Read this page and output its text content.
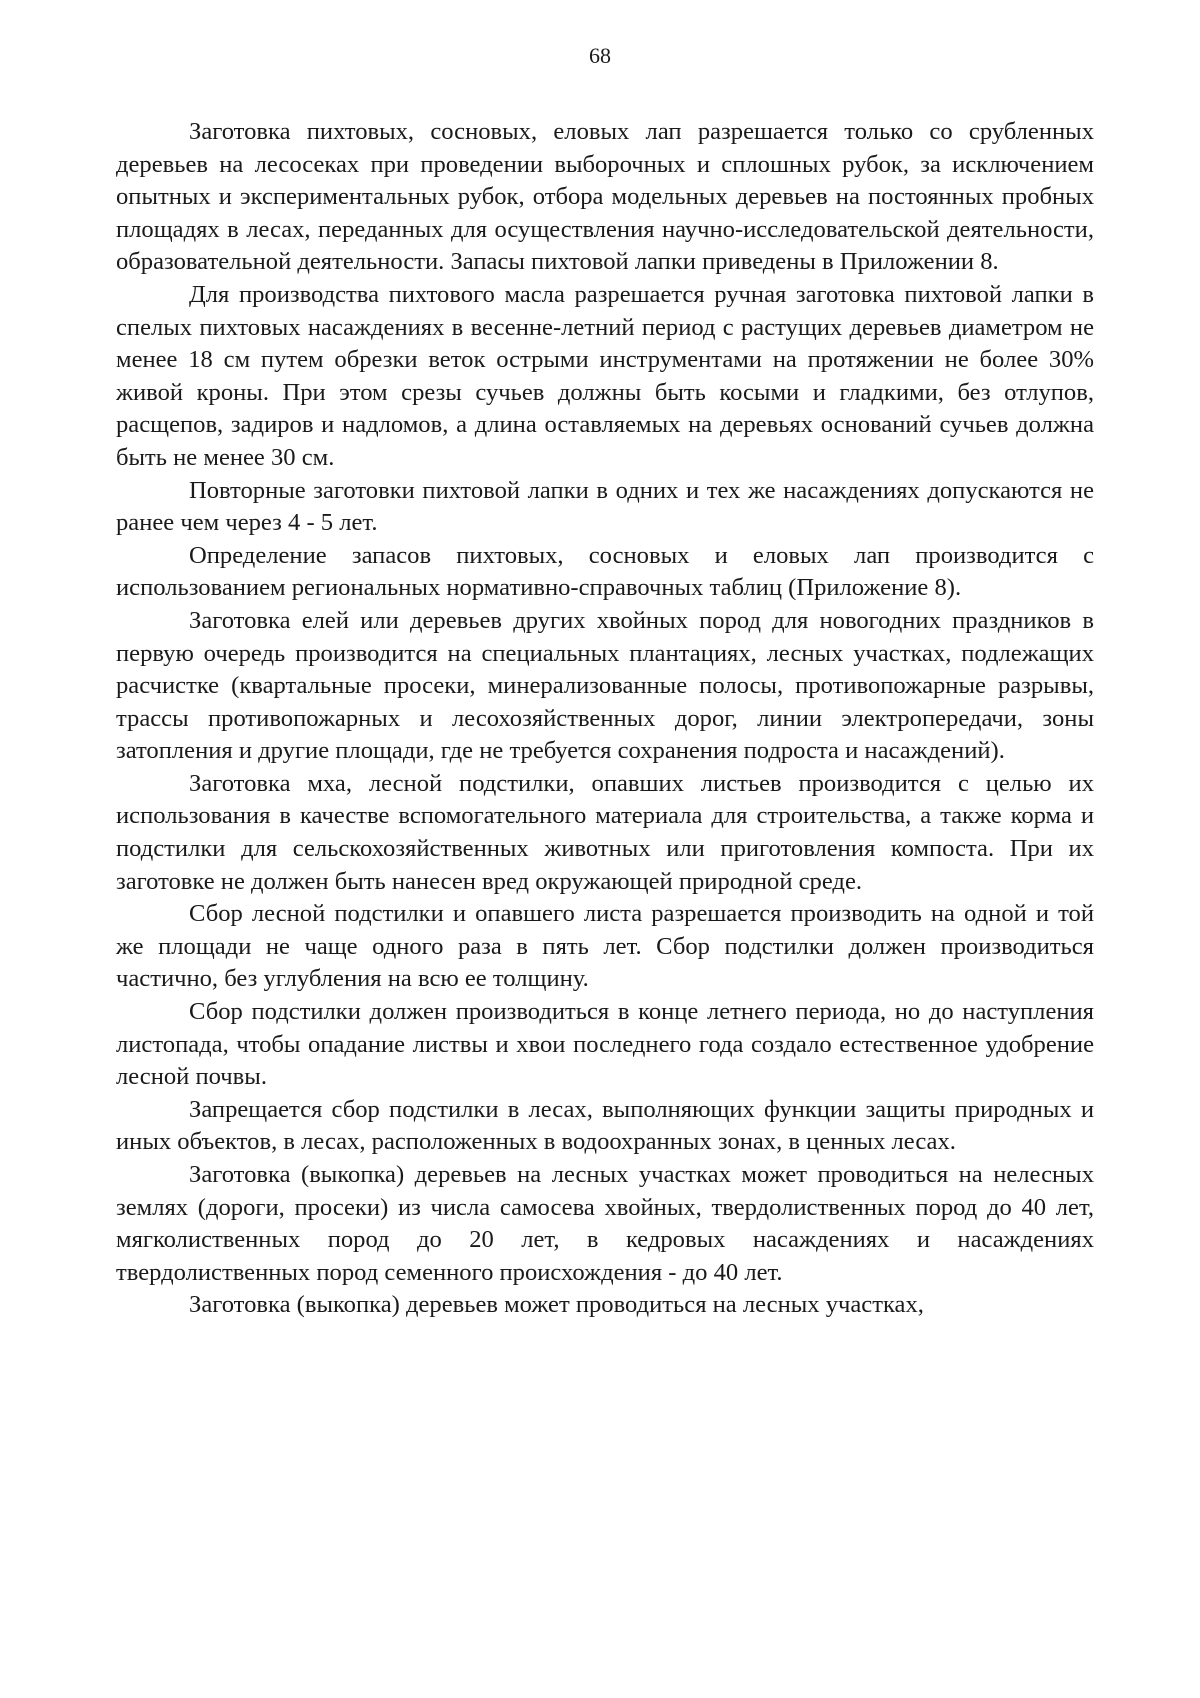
68

Заготовка пихтовых, сосновых, еловых лап разрешается только со срубленных деревьев на лесосеках при проведении выборочных и сплошных рубок, за исключением опытных и экспериментальных рубок, отбора модельных деревьев на постоянных пробных площадях в лесах, переданных для осуществления научно-исследовательской деятельности, образовательной деятельности. Запасы пихтовой лапки приведены в Приложении 8.

Для производства пихтового масла разрешается ручная заготовка пихтовой лапки в спелых пихтовых насаждениях в весенне-летний период с растущих деревьев диаметром не менее 18 см путем обрезки веток острыми инструментами на протяжении не более 30% живой кроны. При этом срезы сучьев должны быть косыми и гладкими, без отлупов, расщепов, задиров и надломов, а длина оставляемых на деревьях оснований сучьев должна быть не менее 30 см.

Повторные заготовки пихтовой лапки в одних и тех же насаждениях допускаются не ранее чем через 4 - 5 лет.

Определение запасов пихтовых, сосновых и еловых лап производится с использованием региональных нормативно-справочных таблиц (Приложение 8).

Заготовка елей или деревьев других хвойных пород для новогодних праздников в первую очередь производится на специальных плантациях, лесных участках, подлежащих расчистке (квартальные просеки, минерализованные полосы, противопожарные разрывы, трассы противопожарных и лесохозяйственных дорог, линии электропередачи, зоны затопления и другие площади, где не требуется сохранения подроста и насаждений).

Заготовка мха, лесной подстилки, опавших листьев производится с целью их использования в качестве вспомогательного материала для строительства, а также корма и подстилки для сельскохозяйственных животных или приготовления компоста. При их заготовке не должен быть нанесен вред окружающей природной среде.

Сбор лесной подстилки и опавшего листа разрешается производить на одной и той же площади не чаще одного раза в пять лет. Сбор подстилки должен производиться частично, без углубления на всю ее толщину.

Сбор подстилки должен производиться в конце летнего периода, но до наступления листопада, чтобы опадание листвы и хвои последнего года создало естественное удобрение лесной почвы.

Запрещается сбор подстилки в лесах, выполняющих функции защиты природных и иных объектов, в лесах, расположенных в водоохранных зонах, в ценных лесах.

Заготовка (выкопка) деревьев на лесных участках может проводиться на нелесных землях (дороги, просеки) из числа самосева хвойных, твердолиственных пород до 40 лет, мягколиственных пород до 20 лет, в кедровых насаждениях и насаждениях твердолиственных пород семенного происхождения - до 40 лет.

Заготовка (выкопка) деревьев может проводиться на лесных участках,
